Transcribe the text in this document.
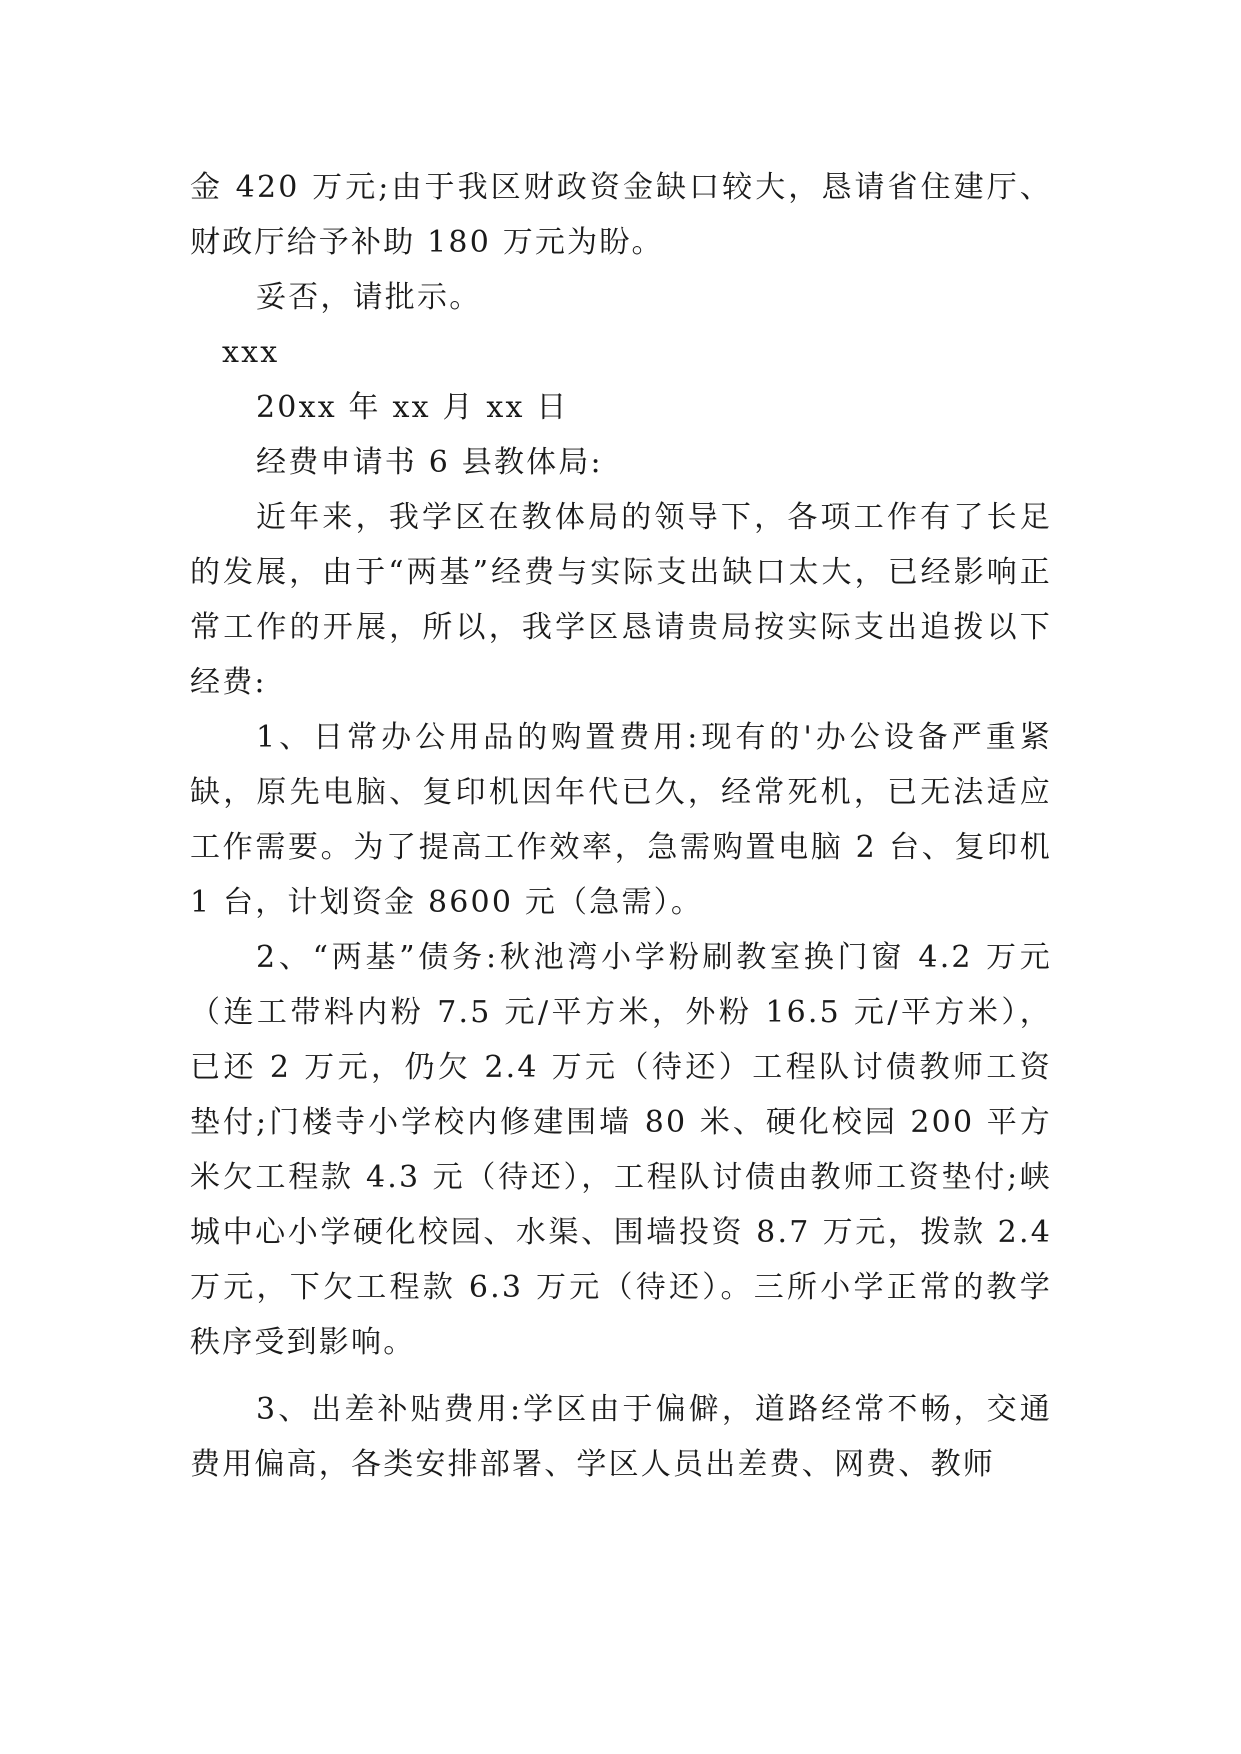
金 420 万元;由于我区财政资金缺口较大，恳请省住建厅、财政厅给予补助 180 万元为盼。

妥否，请批示。

xxx

20xx 年 xx 月 xx 日

经费申请书 6 县教体局:

近年来，我学区在教体局的领导下，各项工作有了长足的发展，由于“两基”经费与实际支出缺口太大，已经影响正常工作的开展，所以，我学区恳请贵局按实际支出追拨以下经费:

1、日常办公用品的购置费用:现有的'办公设备严重紧缺，原先电脑、复印机因年代已久，经常死机，已无法适应工作需要。为了提高工作效率，急需购置电脑 2 台、复印机 1 台，计划资金 8600 元（急需）。

2、“两基”债务:秋池湾小学粉刷教室换门窗 4.2 万元（连工带料内粉 7.5 元/平方米，外粉 16.5 元/平方米），已还 2 万元，仍欠 2.4 万元（待还）工程队讨债教师工资垫付;门楼寺小学校内修建围墙 80 米、硬化校园 200 平方米欠工程款 4.3 元（待还），工程队讨债由教师工资垫付;峡城中心小学硬化校园、水渠、围墙投资 8.7 万元，拨款 2.4 万元，下欠工程款 6.3 万元（待还）。三所小学正常的教学秩序受到影响。

3、出差补贴费用:学区由于偏僻，道路经常不畅，交通费用偏高，各类安排部署、学区人员出差费、网费、教师
